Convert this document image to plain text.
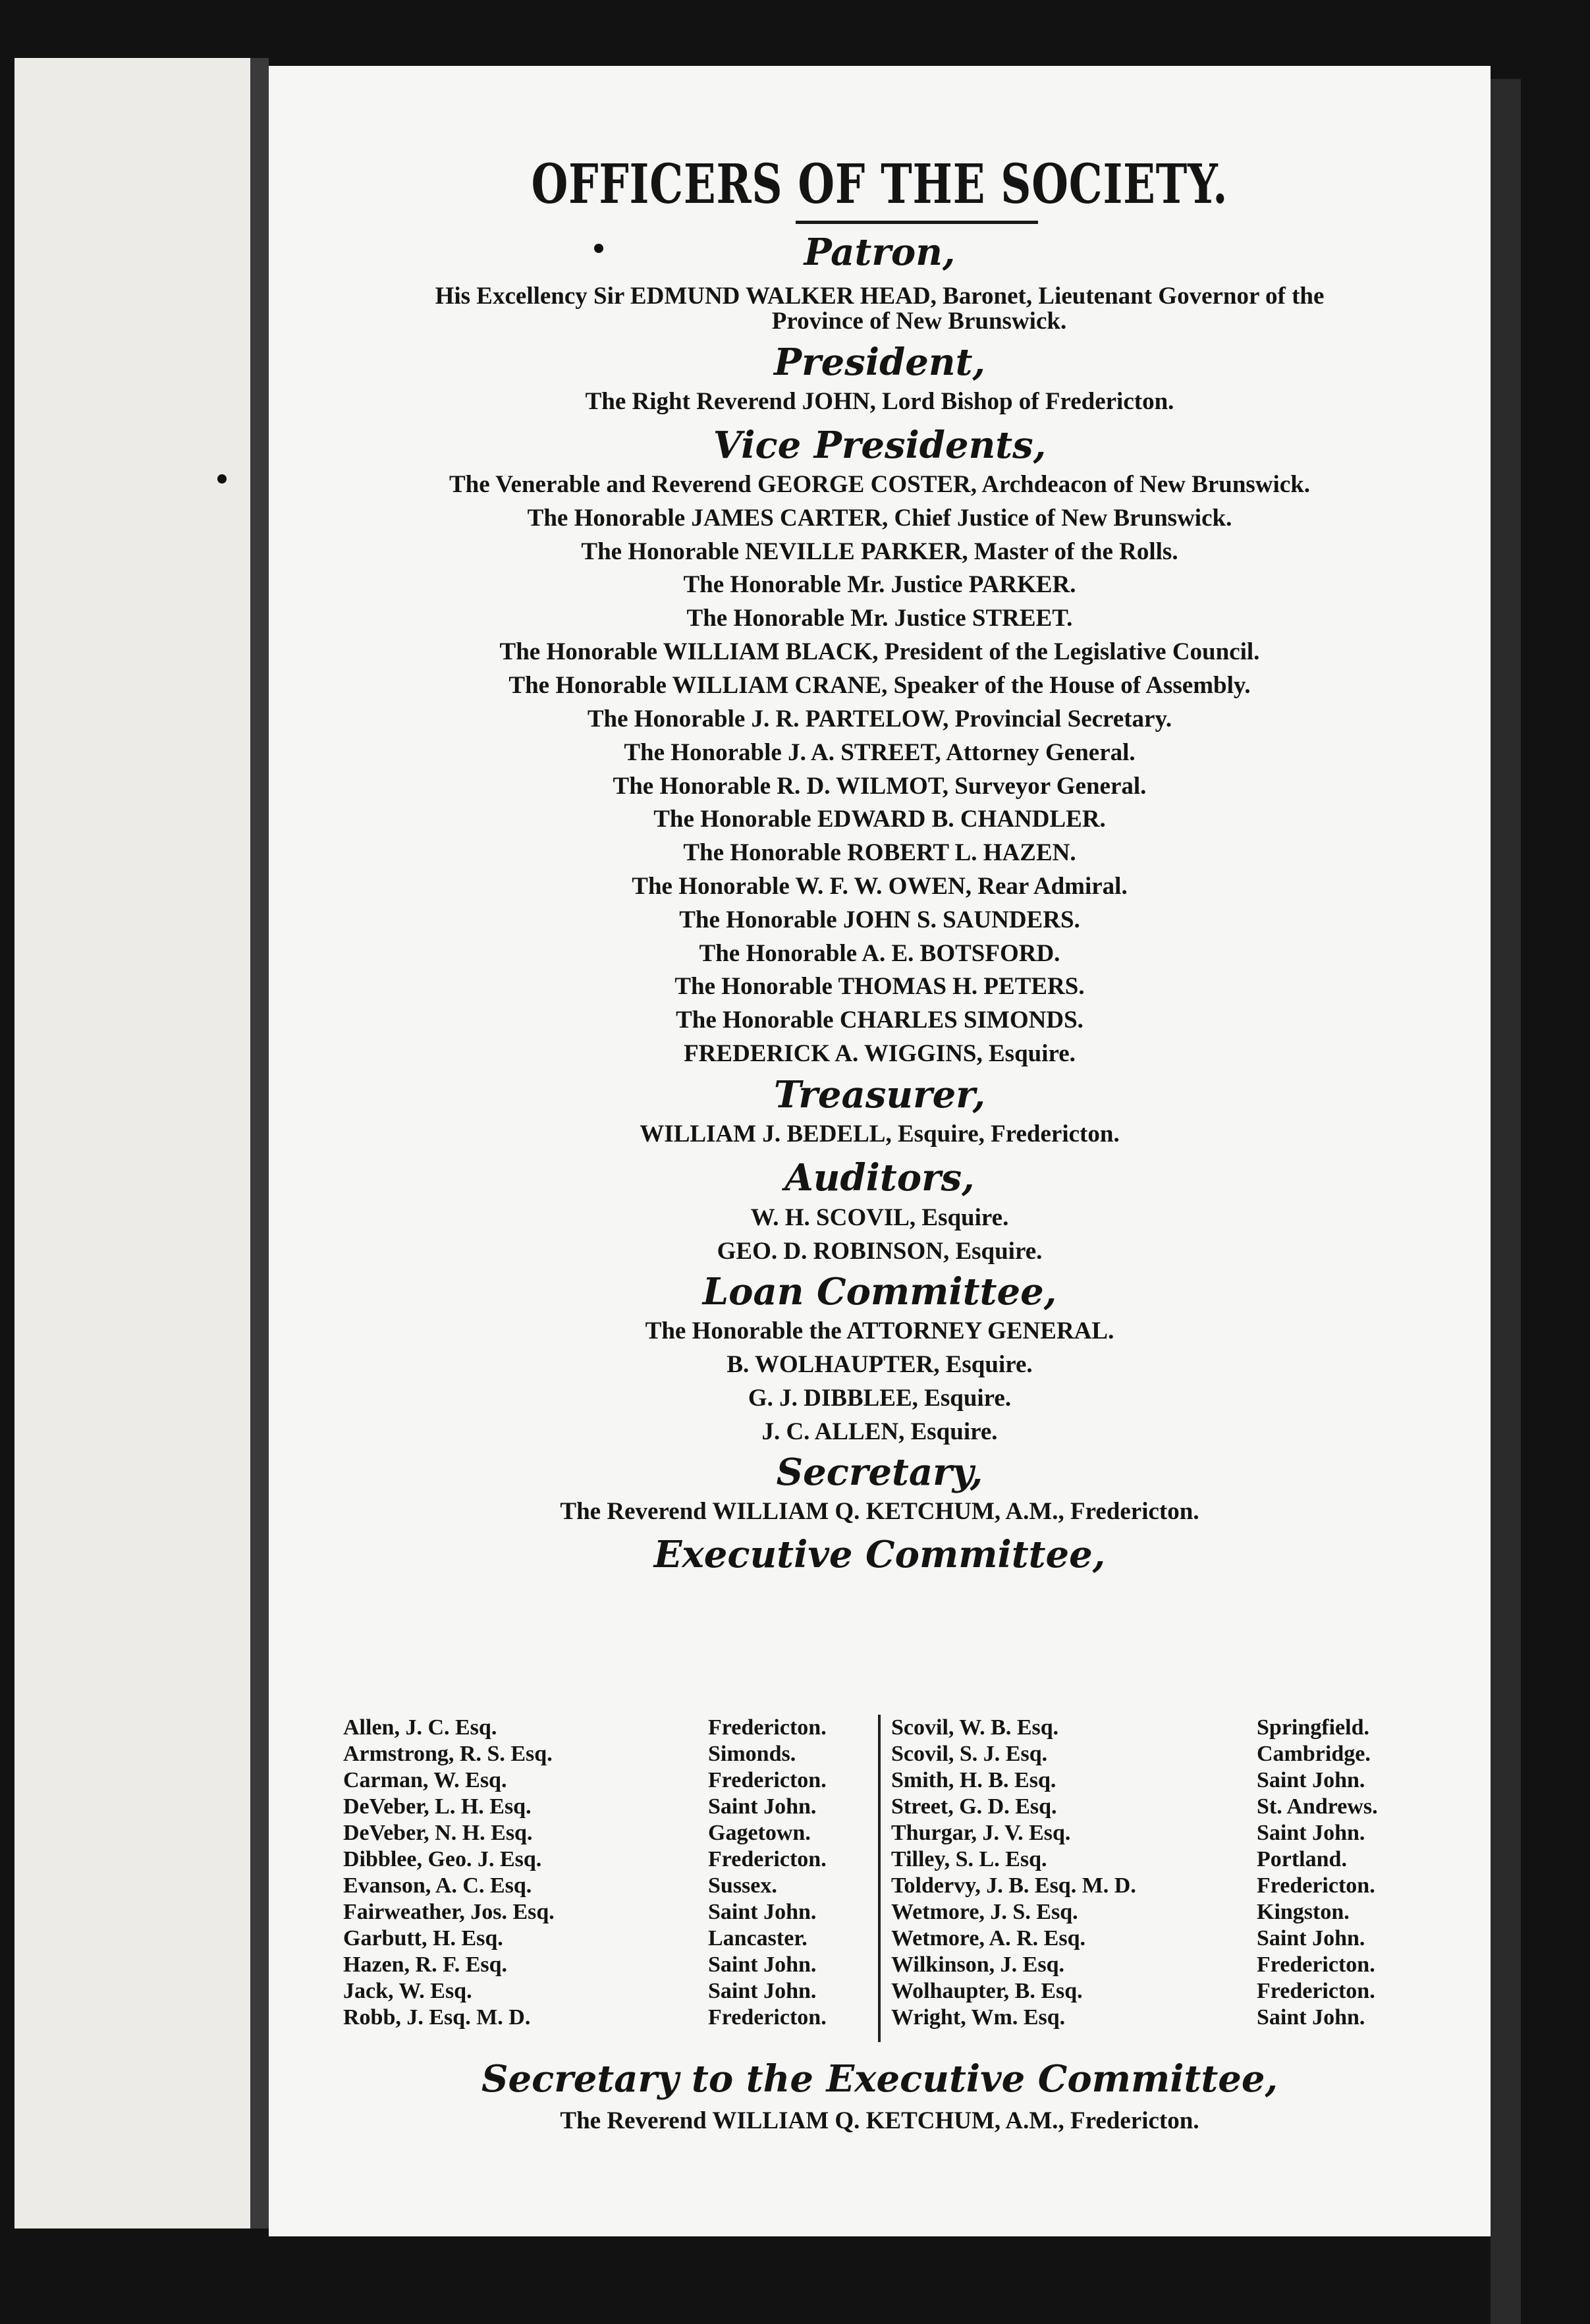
OFFICERS OF THE SOCIETY.
Patron,
His Excellency Sir EDMUND WALKER HEAD, Baronet, Lieutenant Governor of the
Province of New Brunswick.
President,
The Right Reverend JOHN, Lord Bishop of Fredericton.
Vice Presidents,
The Venerable and Reverend GEORGE COSTER, Archdeacon of New Brunswick.
The Honorable JAMES CARTER, Chief Justice of New Brunswick.
The Honorable NEVILLE PARKER, Master of the Rolls.
The Honorable Mr. Justice PARKER.
The Honorable Mr. Justice STREET.
The Honorable WILLIAM BLACK, President of the Legislative Council.
The Honorable WILLIAM CRANE, Speaker of the House of Assembly.
The Honorable J. R. PARTELOW, Provincial Secretary.
The Honorable J. A. STREET, Attorney General.
The Honorable R. D. WILMOT, Surveyor General.
The Honorable EDWARD B. CHANDLER.
The Honorable ROBERT L. HAZEN.
The Honorable W. F. W. OWEN, Rear Admiral.
The Honorable JOHN S. SAUNDERS.
The Honorable A. E. BOTSFORD.
The Honorable THOMAS H. PETERS.
The Honorable CHARLES SIMONDS.
FREDERICK A. WIGGINS, Esquire.
Treasurer,
WILLIAM J. BEDELL, Esquire, Fredericton.
Auditors,
W. H. SCOVIL, Esquire.
GEO. D. ROBINSON, Esquire.
Loan Committee,
The Honorable the ATTORNEY GENERAL.
B. WOLHAUPTER, Esquire.
G. J. DIBBLEE, Esquire.
J. C. ALLEN, Esquire.
Secretary,
The Reverend WILLIAM Q. KETCHUM, A.M., Fredericton.
Executive Committee,
Allen, J. C. Esq.
Armstrong, R. S. Esq.
Carman, W. Esq.
DeVeber, L. H. Esq.
DeVeber, N. H. Esq.
Dibblee, Geo. J. Esq.
Evanson, A. C. Esq.
Fairweather, Jos. Esq.
Garbutt, H. Esq.
Hazen, R. F. Esq.
Jack, W. Esq.
Robb, J. Esq. M. D.
Fredericton.
Simonds.
Fredericton.
Saint John.
Gagetown.
Fredericton.
Sussex.
Saint John.
Lancaster.
Saint John.
Saint John.
Fredericton.
Scovil, W. B. Esq.
Scovil, S. J. Esq.
Smith, H. B. Esq.
Street, G. D. Esq.
Thurgar, J. V. Esq.
Tilley, S. L. Esq.
Toldervy, J. B. Esq. M. D.
Wetmore, J. S. Esq.
Wetmore, A. R. Esq.
Wilkinson, J. Esq.
Wolhaupter, B. Esq.
Wright, Wm. Esq.
Springfield.
Cambridge.
Saint John.
St. Andrews.
Saint John.
Portland.
Fredericton.
Kingston.
Saint John.
Fredericton.
Fredericton.
Saint John.
Secretary to the Executive Committee,
The Reverend WILLIAM Q. KETCHUM, A.M., Fredericton.
